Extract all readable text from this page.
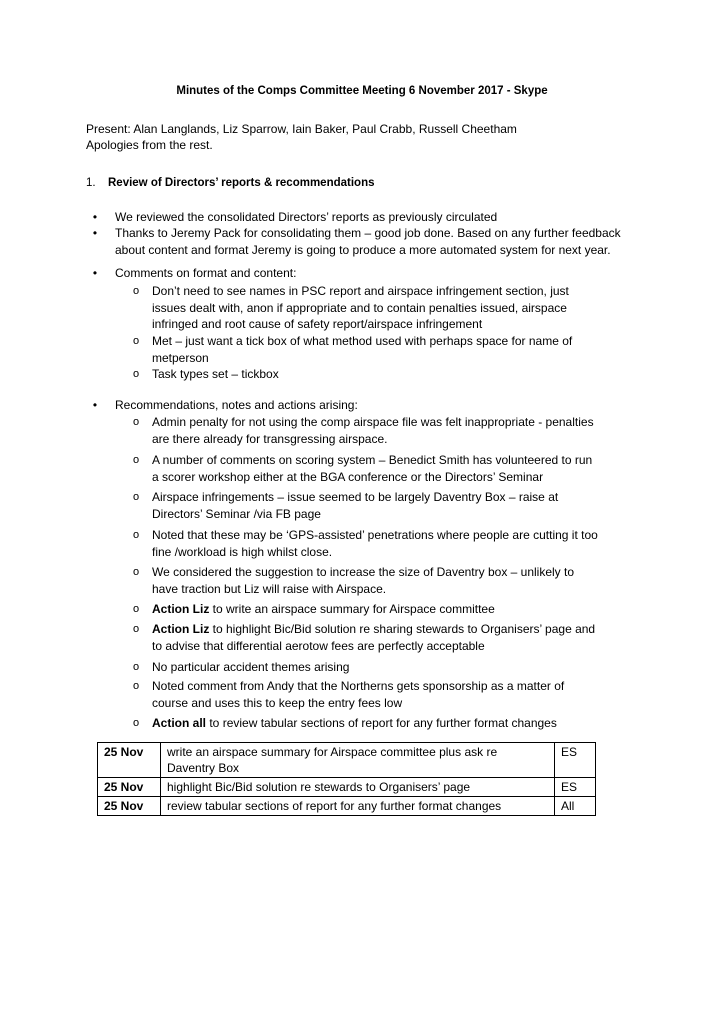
Minutes of the Comps Committee Meeting 6 November 2017 - Skype
Present: Alan Langlands, Liz Sparrow, Iain Baker, Paul Crabb, Russell Cheetham
Apologies from the rest.
1. Review of Directors’ reports & recommendations
•	We reviewed the consolidated Directors’ reports as previously circulated
•	Thanks to Jeremy Pack for consolidating them – good job done. Based on any further feedback about content and format Jeremy is going to produce a more automated system for next year.
•	Comments on format and content:
o	Don’t need to see names in PSC report and airspace infringement section, just issues dealt with, anon if appropriate and to contain penalties issued, airspace infringed and root cause of safety report/airspace infringement
o	Met – just want a tick box of what method used with perhaps space for name of metperson
o	Task types set – tickbox
•	Recommendations, notes and actions arising:
o	Admin penalty for not using the comp airspace file was felt inappropriate - penalties are there already for transgressing airspace.
o	A number of comments on scoring system – Benedict Smith has volunteered to run a scorer workshop either at the BGA conference or the Directors’ Seminar
o	Airspace infringements – issue seemed to be largely Daventry Box – raise at Directors’ Seminar /via FB page
o	Noted that these may be ‘GPS-assisted’ penetrations where people are cutting it too fine /workload is high whilst close.
o	We considered the suggestion to increase the size of Daventry box – unlikely to have traction but Liz will raise with Airspace.
o	Action Liz to write an airspace summary for Airspace committee
o	Action Liz to highlight Bic/Bid solution re sharing stewards to Organisers’ page and to advise that differential aerotow fees are perfectly acceptable
o	No particular accident themes arising
o	Noted comment from Andy that the Northerns gets sponsorship as a matter of course and uses this to keep the entry fees low
o	Action all to review tabular sections of report for any further format changes
25 Nov	write an airspace summary for Airspace committee plus ask re Daventry Box	ES
25 Nov	highlight Bic/Bid solution re stewards to Organisers’ page	ES
25 Nov	review tabular sections of report for any further format changes	All
